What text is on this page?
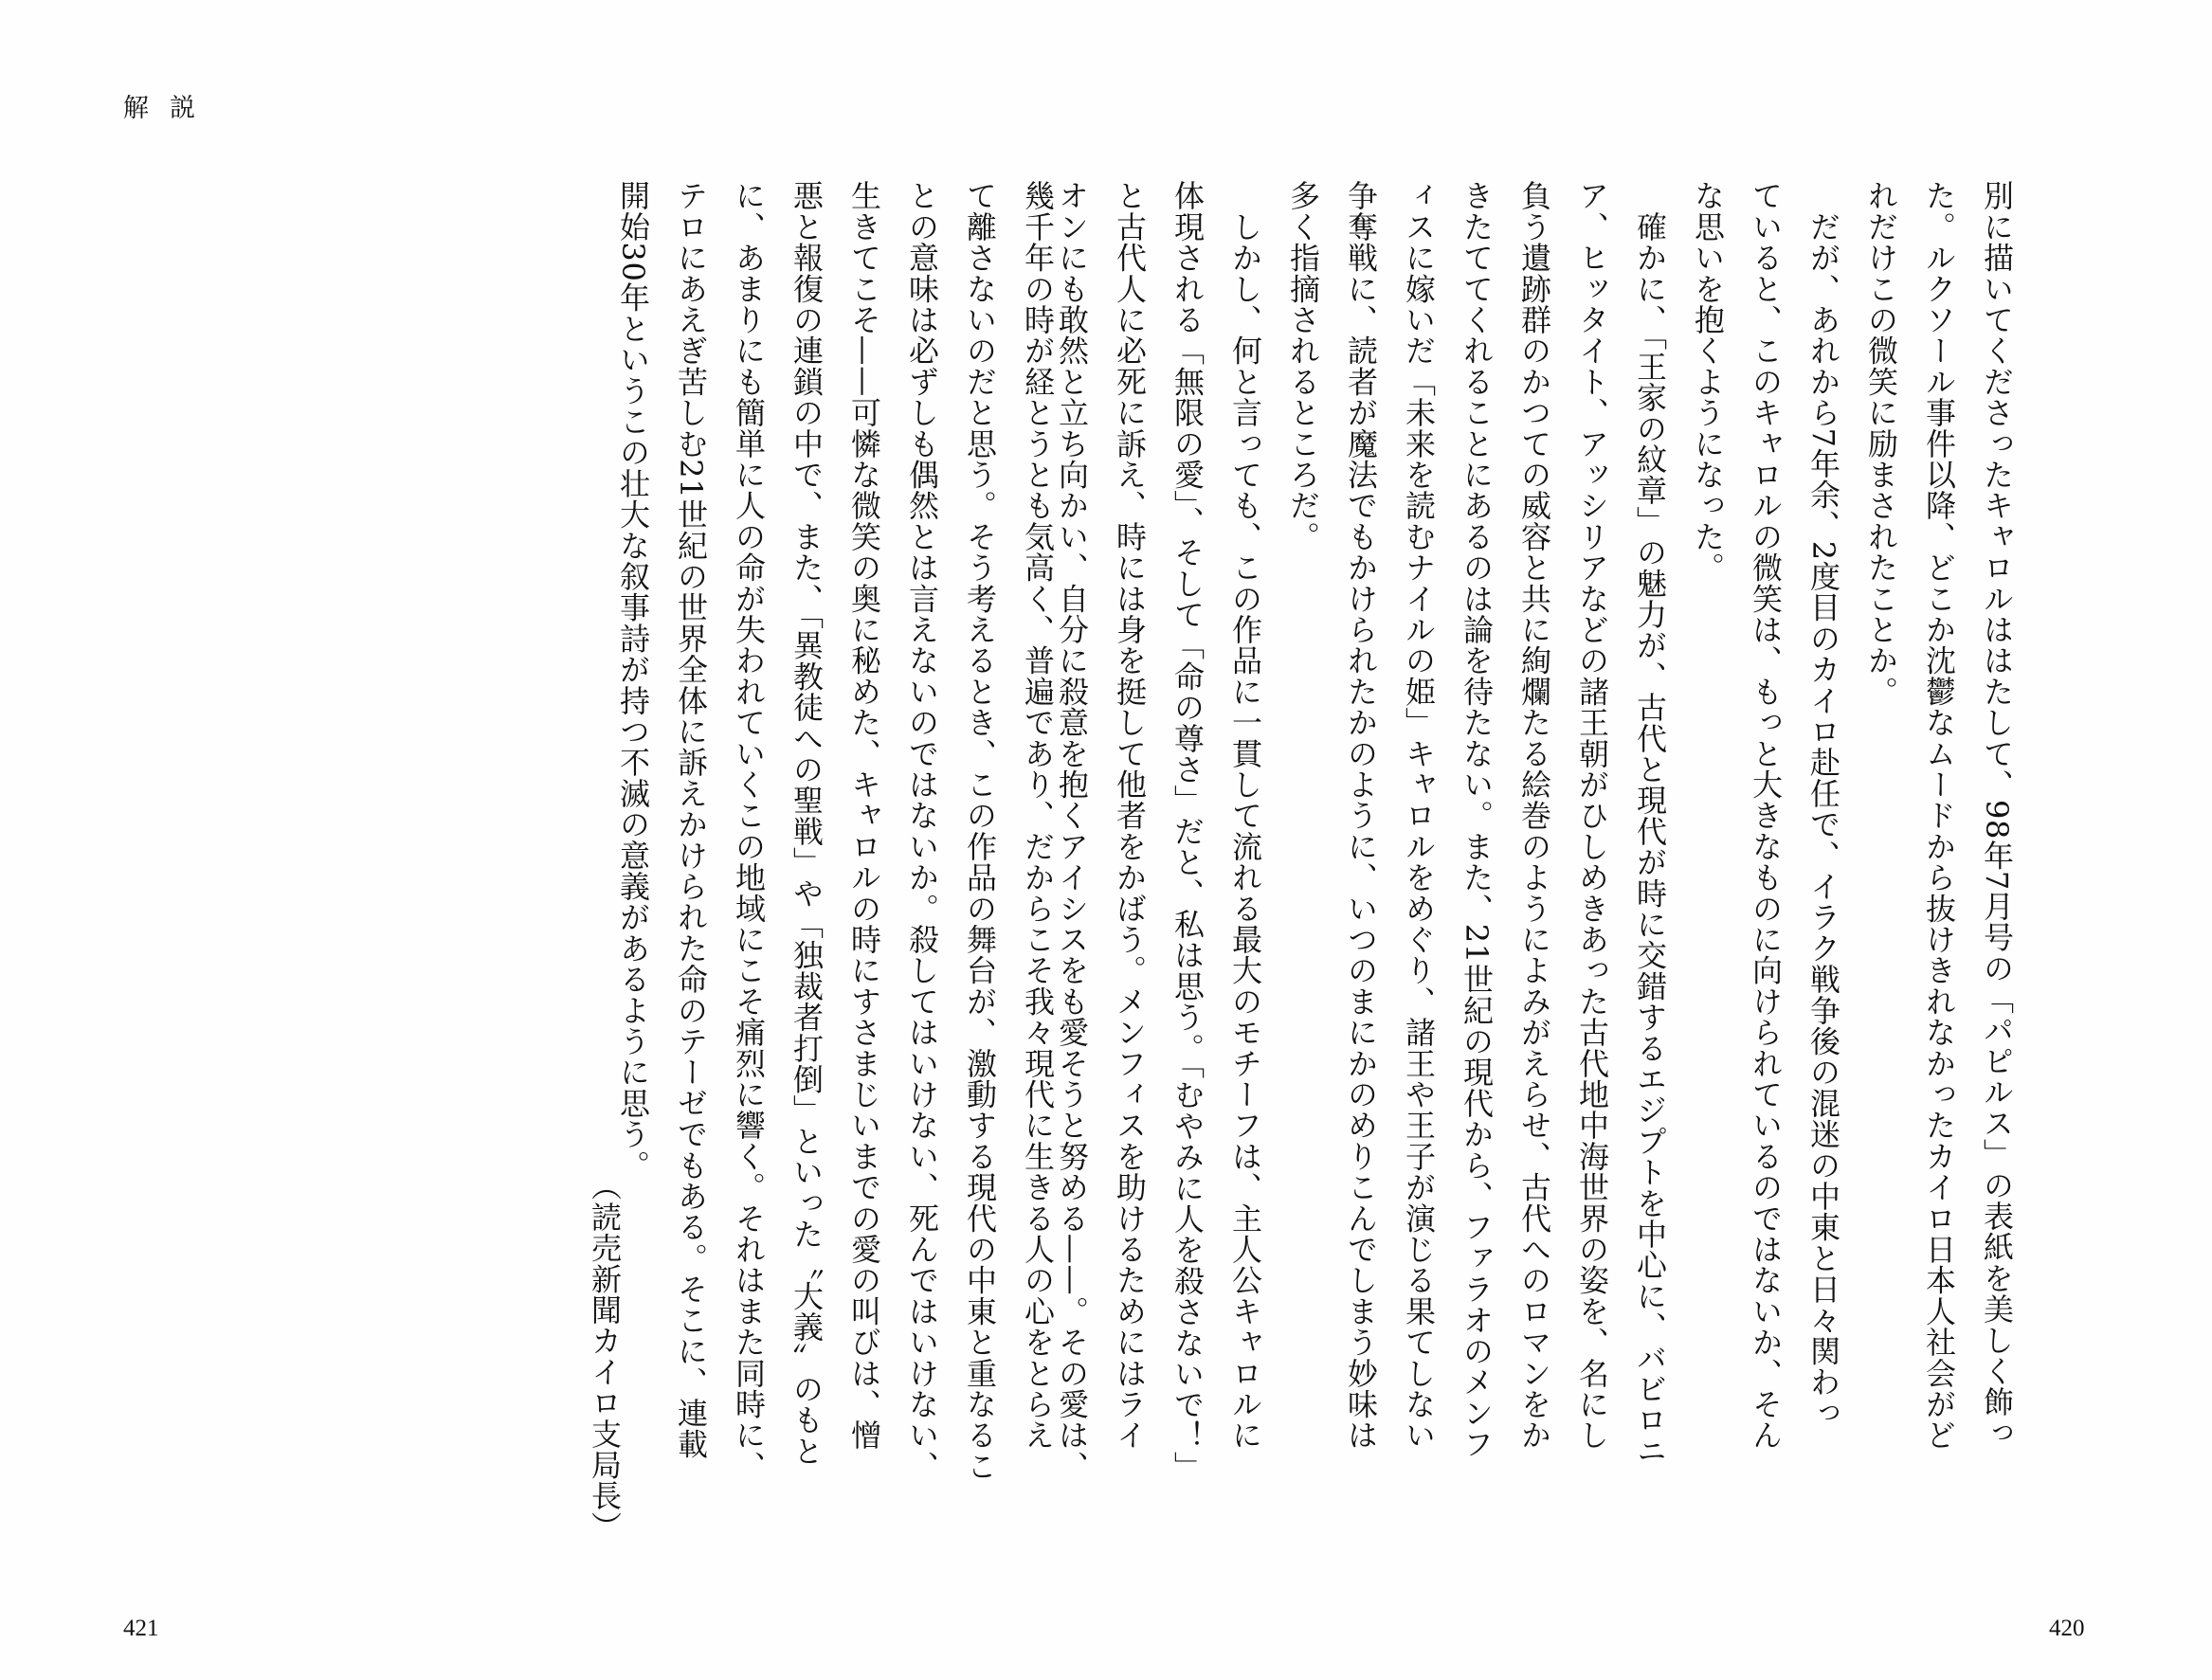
解説
別に描いてくださったキャロルははたして、98年7月号の「パピルス」の表紙を美しく飾っ
た。ルクソール事件以降、どこか沈鬱なムードから抜けきれなかったカイロ日本人社会がど
れだけこの微笑に励まされたことか。
　だが、あれから7年余、2度目のカイロ赴任で、イラク戦争後の混迷の中東と日々関わっ
ていると、このキャロルの微笑は、もっと大きなものに向けられているのではないか、そん
な思いを抱くようになった。
　確かに、「王家の紋章」の魅力が、古代と現代が時に交錯するエジプトを中心に、バビロニ
ア、ヒッタイト、アッシリアなどの諸王朝がひしめきあった古代地中海世界の姿を、名にし
負う遺跡群のかつての威容と共に絢爛たる絵巻のようによみがえらせ、古代へのロマンをか
きたててくれることにあるのは論を待たない。また、21世紀の現代から、ファラオのメンフ
ィスに嫁いだ「未来を読むナイルの姫」キャロルをめぐり、諸王や王子が演じる果てしない
争奪戦に、読者が魔法でもかけられたかのように、いつのまにかのめりこんでしまう妙味は
多く指摘されるところだ。
　しかし、何と言っても、この作品に一貫して流れる最大のモチーフは、主人公キャロルに
体現される「無限の愛」、そして「命の尊さ」だと、私は思う。「むやみに人を殺さないで！」
と古代人に必死に訴え、時には身を挺して他者をかばう。メンフィスを助けるためにはライ
オンにも敢然と立ち向かい、自分に殺意を抱くアイシスをも愛そうと努める——。その愛は、
幾千年の時が経とうとも気高く、普遍であり、だからこそ我々現代に生きる人の心をとらえ
て離さないのだと思う。そう考えるとき、この作品の舞台が、激動する現代の中東と重なるこ
との意味は必ずしも偶然とは言えないのではないか。殺してはいけない、死んではいけない、
生きてこそ——可憐な微笑の奥に秘めた、キャロルの時にすさまじいまでの愛の叫びは、憎
悪と報復の連鎖の中で、また、「異教徒への聖戦」や「独裁者打倒」といった〝大義〟のもと
に、あまりにも簡単に人の命が失われていくこの地域にこそ痛烈に響く。それはまた同時に、
テロにあえぎ苦しむ21世紀の世界全体に訴えかけられた命のテーゼでもある。そこに、連載
開始30年というこの壮大な叙事詩が持つ不滅の意義があるように思う。
（読売新聞カイロ支局長）
421	420
